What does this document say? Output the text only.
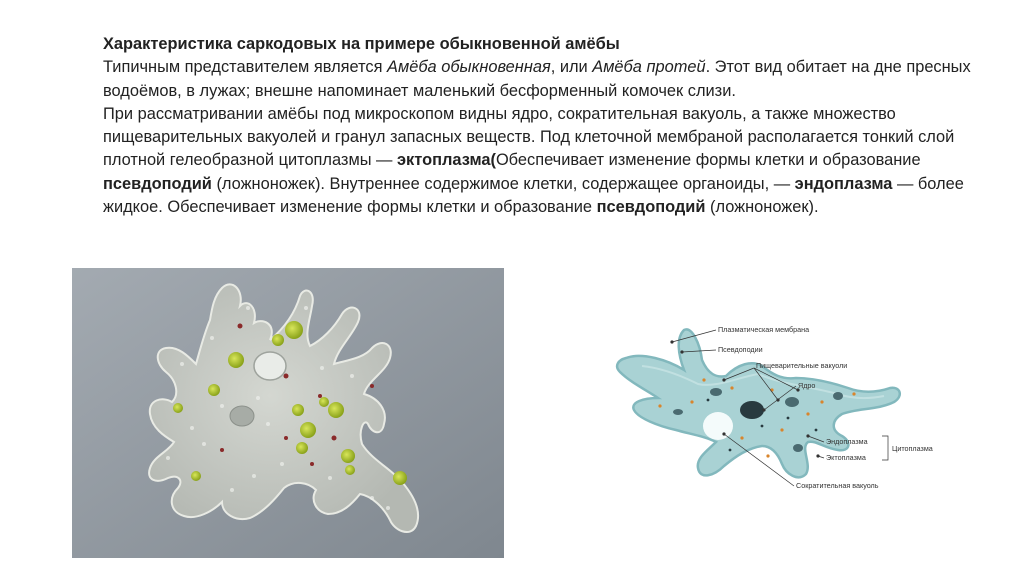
Характеристика саркодовых на примере обыкновенной амёбы
Типичным представителем является Амёба обыкновенная, или Амёба протей. Этот вид обитает на дне пресных водоёмов, в лужах; внешне напоминает маленький бесформенный комочек слизи.
При рассматривании амёбы под микроскопом видны ядро, сократительная вакуоль, а также множество пищеварительных вакуолей и гранул запасных веществ. Под клеточной мембраной располагается тонкий слой плотной гелеобразной цитоплазмы — эктоплазма(Обеспечивает изменение формы клетки и образование псевдоподий (ложноножек). Внутреннее содержимое клетки, содержащее органоиды, — эндоплазма — более жидкое. Обеспечивает изменение формы клетки и образование псевдоподий (ложноножек).
Плазматическая мембрана
Псевдоподии
Пищеварительные вакуоли
Ядро
Эндоплазма
Цитоплазма
Эктоплазма
Сократительная вакуоль
